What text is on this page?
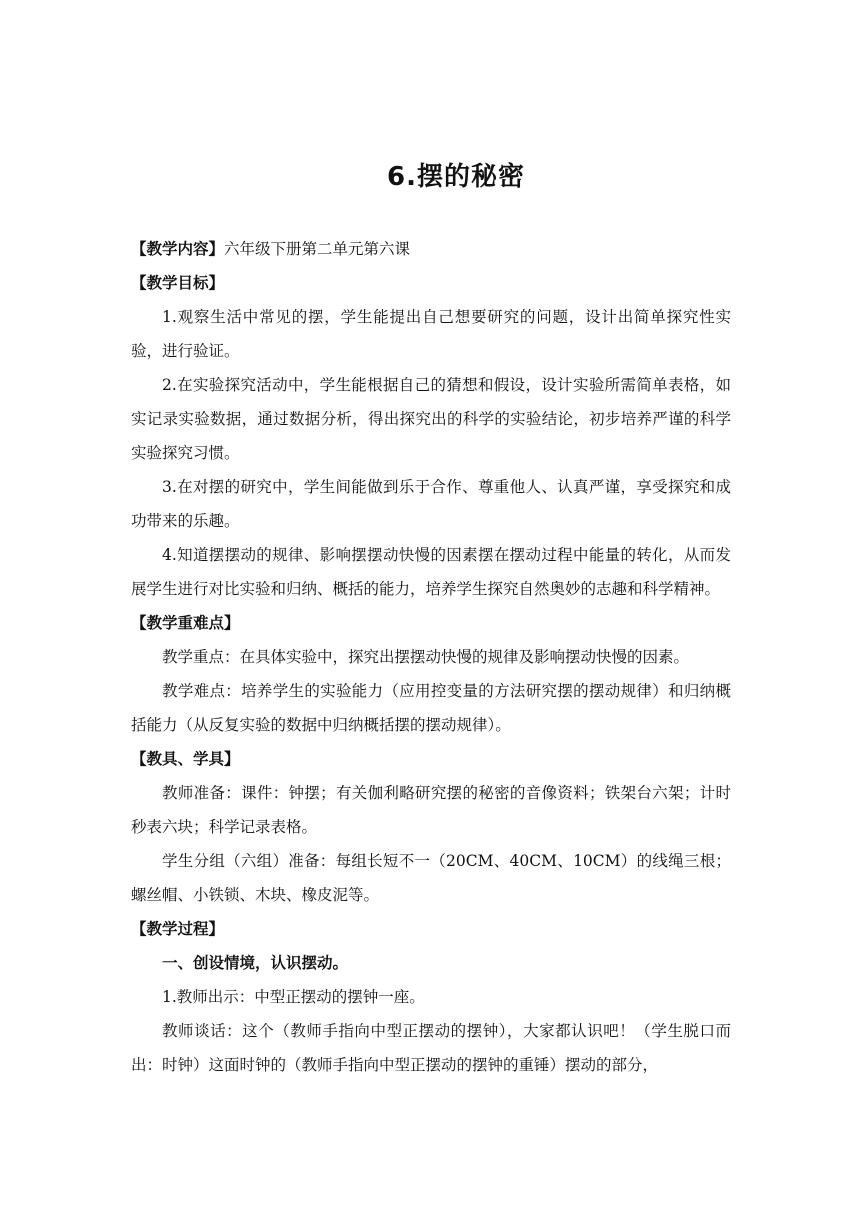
6.摆的秘密

【教学内容】六年级下册第二单元第六课

【教学目标】

1.观察生活中常见的摆，学生能提出自己想要研究的问题，设计出简单探究性实验，进行验证。

2.在实验探究活动中，学生能根据自己的猜想和假设，设计实验所需简单表格，如实记录实验数据，通过数据分析，得出探究出的科学的实验结论，初步培养严谨的科学实验探究习惯。

3.在对摆的研究中，学生间能做到乐于合作、尊重他人、认真严谨，享受探究和成功带来的乐趣。

4.知道摆摆动的规律、影响摆摆动快慢的因素摆在摆动过程中能量的转化，从而发展学生进行对比实验和归纳、概括的能力，培养学生探究自然奥妙的志趣和科学精神。

【教学重难点】

教学重点：在具体实验中，探究出摆摆动快慢的规律及影响摆动快慢的因素。

教学难点：培养学生的实验能力（应用控变量的方法研究摆的摆动规律）和归纳概括能力（从反复实验的数据中归纳概括摆的摆动规律）。

【教具、学具】

教师准备：课件：钟摆；有关伽利略研究摆的秘密的音像资料；铁架台六架；计时秒表六块；科学记录表格。

学生分组（六组）准备：每组长短不一（20CM、40CM、10CM）的线绳三根；螺丝帽、小铁锁、木块、橡皮泥等。

【教学过程】

一、创设情境，认识摆动。

1.教师出示：中型正摆动的摆钟一座。

教师谈话：这个（教师手指向中型正摆动的摆钟），大家都认识吧！（学生脱口而出：时钟）这面时钟的（教师手指向中型正摆动的摆钟的重锤）摆动的部分，
